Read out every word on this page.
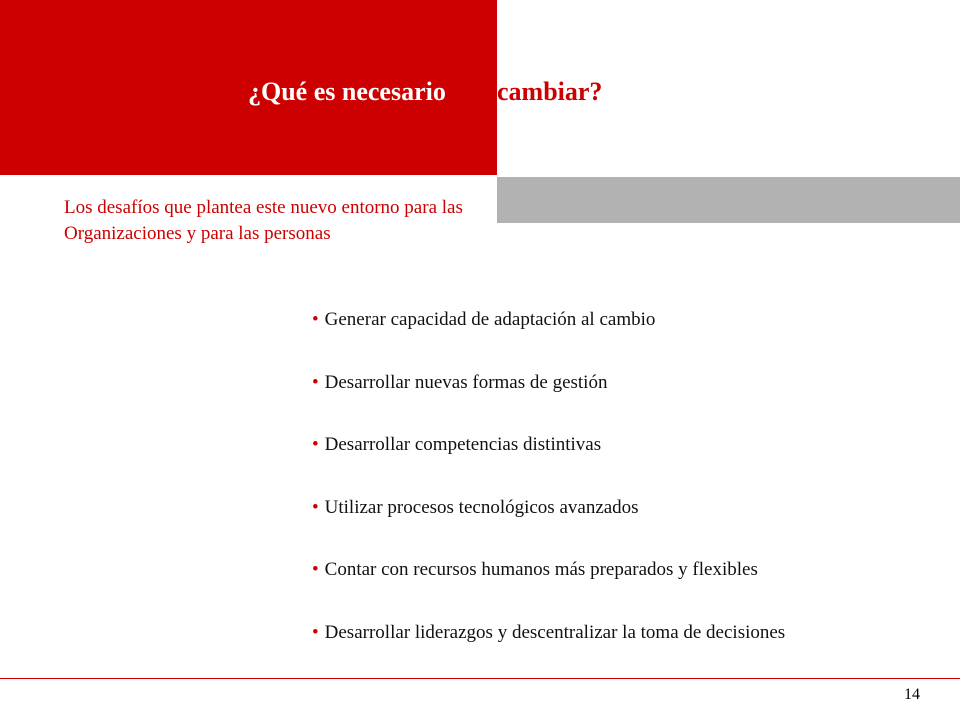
¿Qué es necesario cambiar?
Los desafíos que plantea este nuevo entorno para las Organizaciones y para las personas
• Generar capacidad de adaptación al cambio
• Desarrollar nuevas formas de gestión
• Desarrollar competencias distintivas
• Utilizar procesos tecnológicos avanzados
• Contar con recursos humanos más preparados y flexibles
• Desarrollar liderazgos y descentralizar la toma de decisiones
14
